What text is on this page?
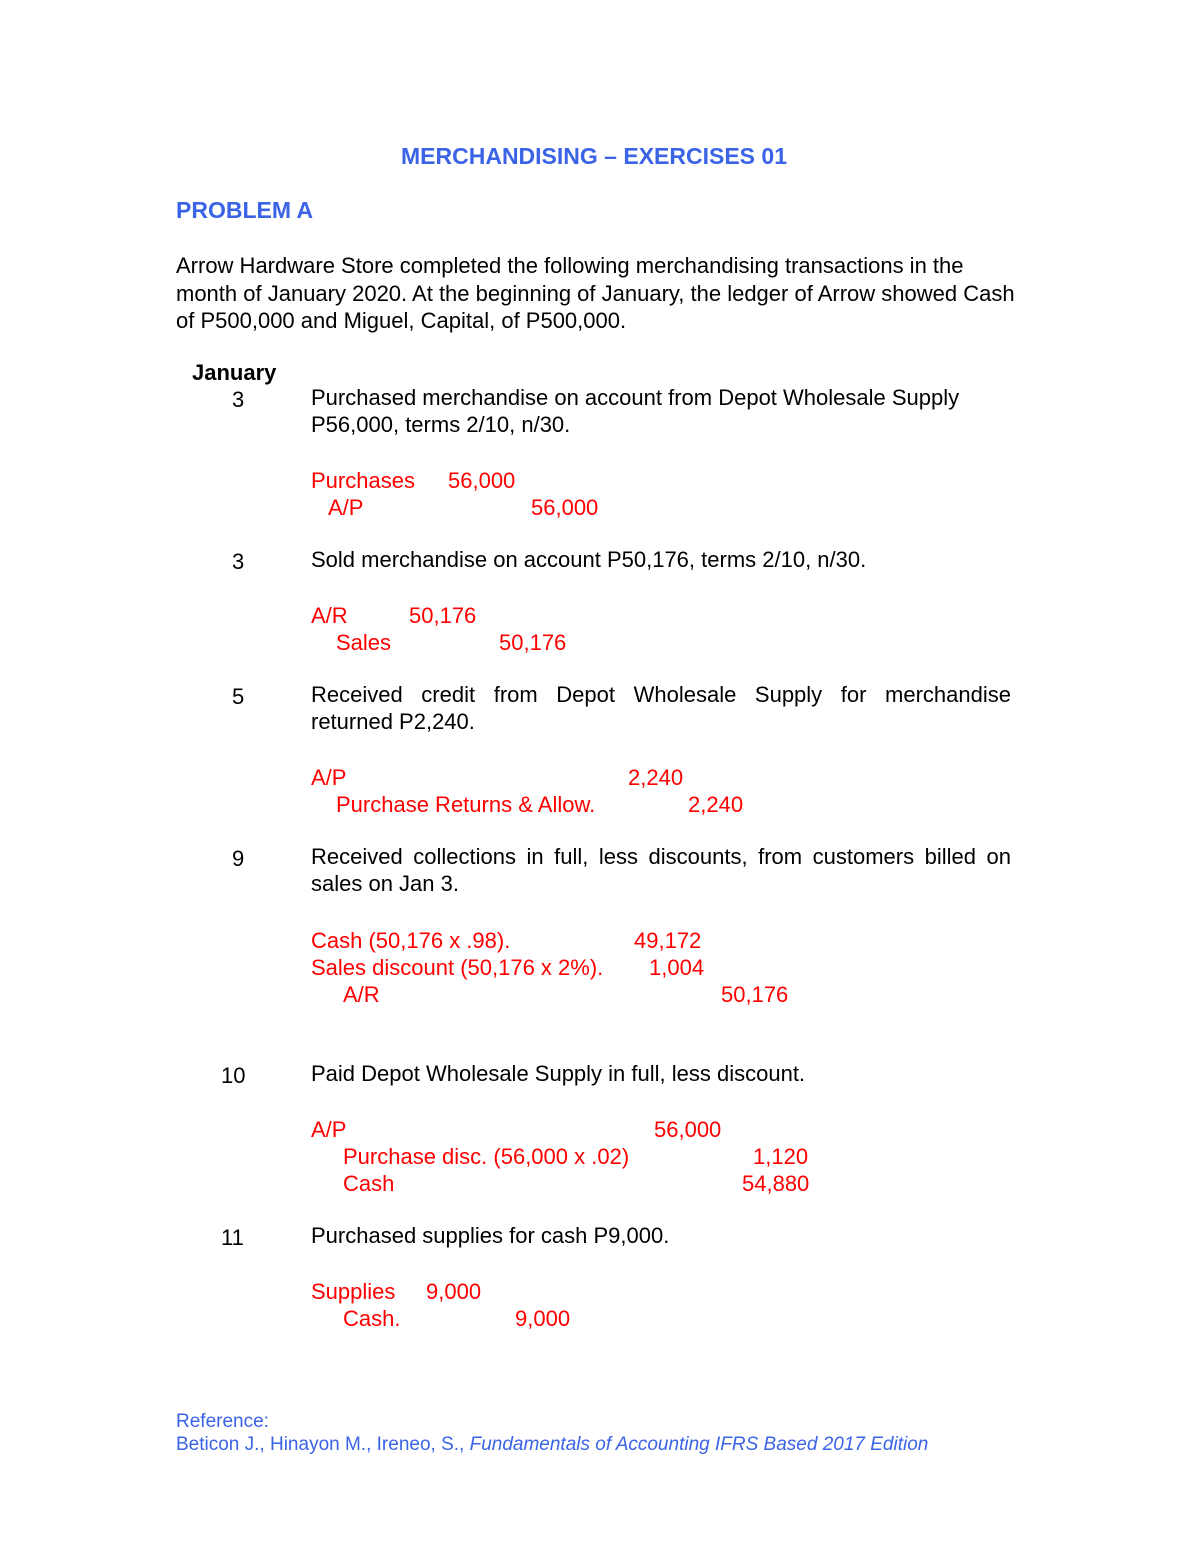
MERCHANDISING – EXERCISES 01
PROBLEM A
Arrow Hardware Store completed the following merchandising transactions in the month of January 2020. At the beginning of January, the ledger of Arrow showed Cash of P500,000 and Miguel, Capital, of P500,000.
January
3	Purchased merchandise on account from Depot Wholesale Supply P56,000, terms 2/10, n/30.
Purchases 56,000
A/P	56,000
3	Sold merchandise on account P50,176, terms 2/10, n/30.
A/R	50,176
Sales	50,176
5	Received credit from Depot Wholesale Supply for merchandise returned P2,240.
A/P	2,240
Purchase Returns & Allow.	2,240
9	Received collections in full, less discounts, from customers billed on sales on Jan 3.
Cash (50,176 x .98).	49,172
Sales discount (50,176 x 2%). 1,004
A/R	50,176
10	Paid Depot Wholesale Supply in full, less discount.
A/P	56,000
Purchase disc. (56,000 x .02)	1,120
Cash	54,880
11	Purchased supplies for cash P9,000.
Supplies 9,000
Cash.	9,000
Reference:
Beticon J., Hinayon M., Ireneo, S., Fundamentals of Accounting IFRS Based 2017 Edition
